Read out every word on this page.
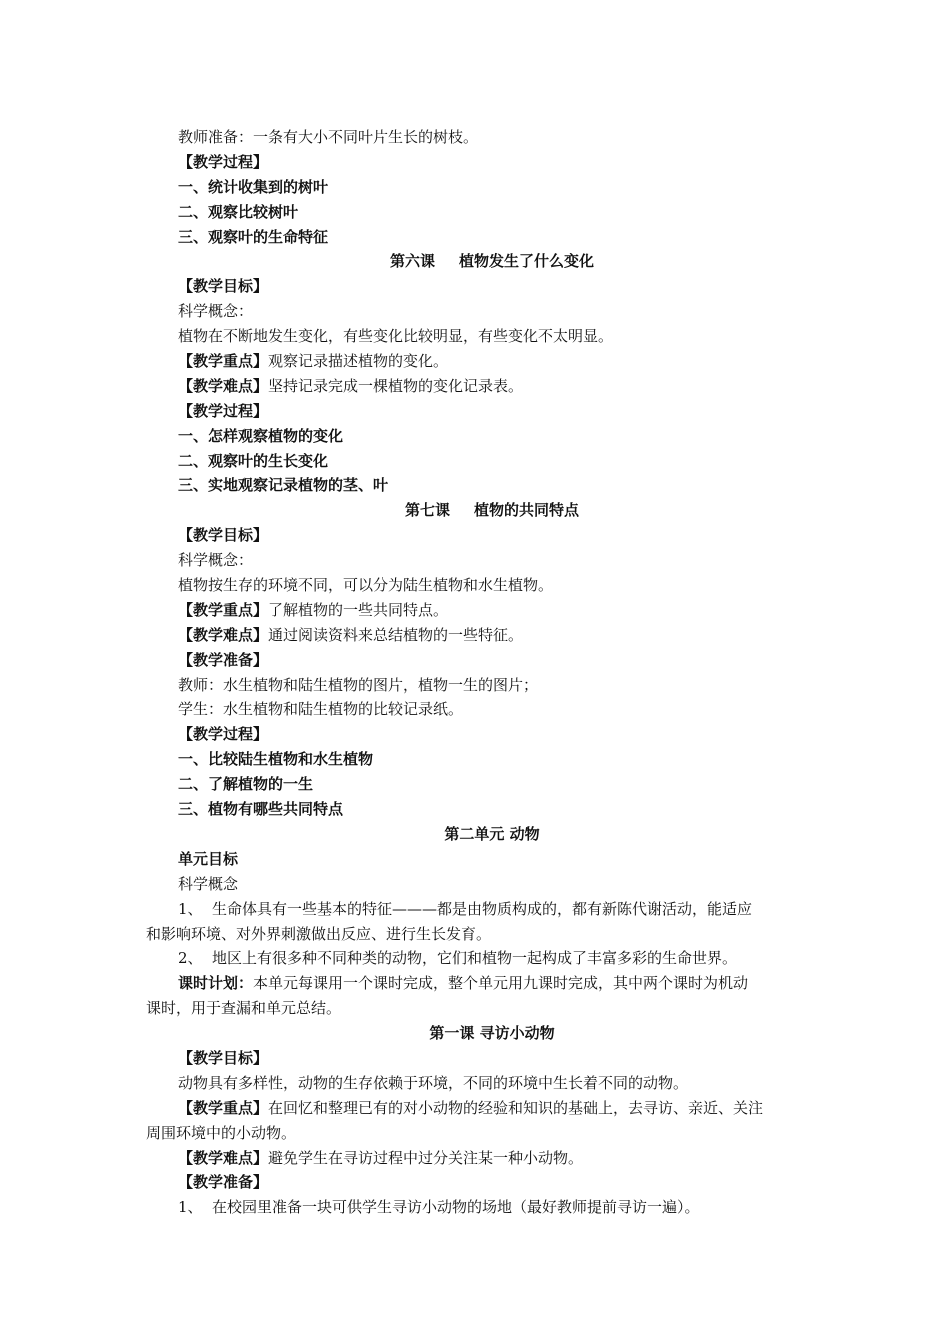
教师准备：一条有大小不同叶片生长的树枝。
【教学过程】
一、统计收集到的树叶
二、观察比较树叶
三、观察叶的生命特征
第六课 植物发生了什么变化
【教学目标】
科学概念：
植物在不断地发生变化，有些变化比较明显，有些变化不太明显。
【教学重点】观察记录描述植物的变化。
【教学难点】坚持记录完成一棵植物的变化记录表。
【教学过程】
一、怎样观察植物的变化
二、观察叶的生长变化
三、实地观察记录植物的茎、叶
第七课 植物的共同特点
【教学目标】
科学概念：
植物按生存的环境不同，可以分为陆生植物和水生植物。
【教学重点】了解植物的一些共同特点。
【教学难点】通过阅读资料来总结植物的一些特征。
【教学准备】
教师：水生植物和陆生植物的图片，植物一生的图片；
学生：水生植物和陆生植物的比较记录纸。
【教学过程】
一、比较陆生植物和水生植物
二、了解植物的一生
三、植物有哪些共同特点
第二单元 动物
单元目标
科学概念
1、 生命体具有一些基本的特征———都是由物质构成的，都有新陈代谢活动，能适应
和影响环境、对外界刺激做出反应、进行生长发育。
2、 地区上有很多种不同种类的动物，它们和植物一起构成了丰富多彩的生命世界。
课时计划：本单元每课用一个课时完成，整个单元用九课时完成，其中两个课时为机动
课时，用于查漏和单元总结。
第一课 寻访小动物
【教学目标】
动物具有多样性，动物的生存依赖于环境，不同的环境中生长着不同的动物。
【教学重点】在回忆和整理已有的对小动物的经验和知识的基础上，去寻访、亲近、关注
周围环境中的小动物。
【教学难点】避免学生在寻访过程中过分关注某一种小动物。
【教学准备】
1、 在校园里准备一块可供学生寻访小动物的场地（最好教师提前寻访一遍）。
